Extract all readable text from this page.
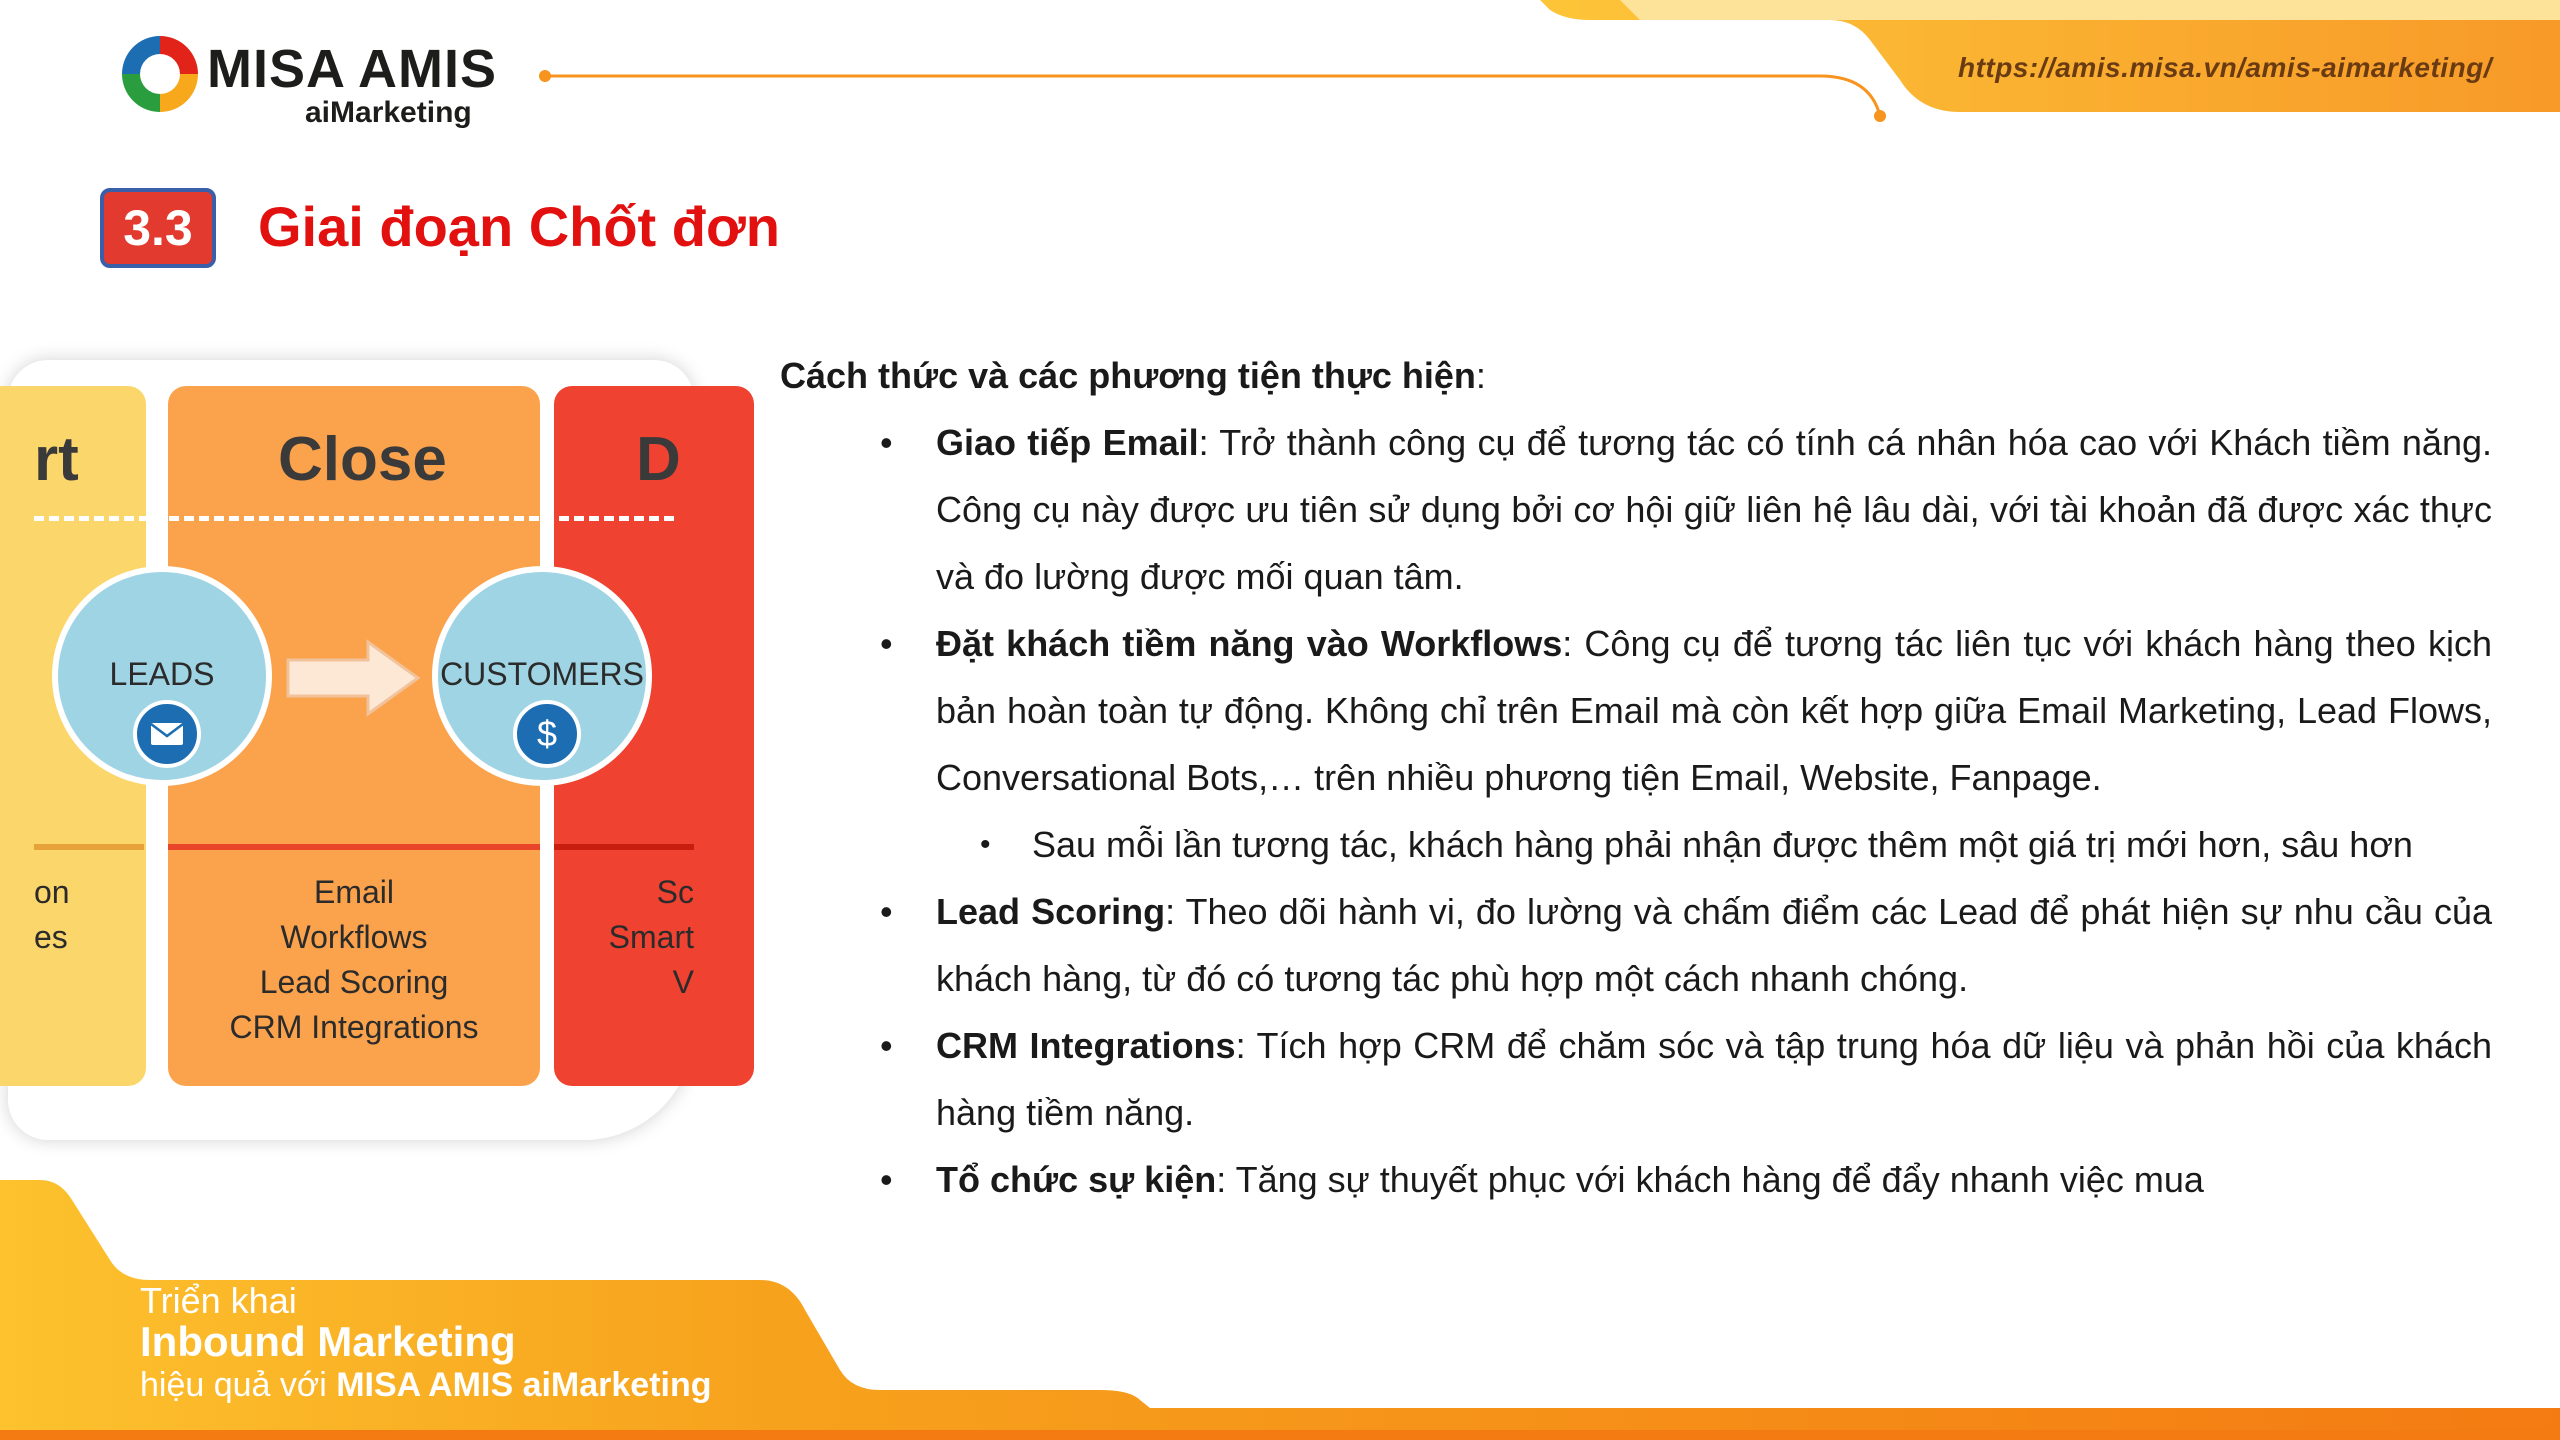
MISA AMIS
aiMarketing
https://amis.misa.vn/amis-aimarketing/
3.3	Giai đoạn Chốt đơn
rt
on
es
Close
Email
Workflows
Lead Scoring
CRM Integrations
D
Sc
Smart
V
LEADS	CUSTOMERS
$
Cách thức và các phương tiện thực hiện:
• Giao tiếp Email: Trở thành công cụ để tương tác có tính cá nhân hóa cao với Khách tiềm năng. Công cụ này được ưu tiên sử dụng bởi cơ hội giữ liên hệ lâu dài, với tài khoản đã được xác thực và đo lường được mối quan tâm.
• Đặt khách tiềm năng vào Workflows: Công cụ để tương tác liên tục với khách hàng theo kịch bản hoàn toàn tự động. Không chỉ trên Email mà còn kết hợp giữa Email Marketing, Lead Flows, Conversational Bots,… trên nhiều phương tiện Email, Website, Fanpage.
• Sau mỗi lần tương tác, khách hàng phải nhận được thêm một giá trị mới hơn, sâu hơn
• Lead Scoring: Theo dõi hành vi, đo lường và chấm điểm các Lead để phát hiện sự nhu cầu của khách hàng, từ đó có tương tác phù hợp một cách nhanh chóng.
• CRM Integrations: Tích hợp CRM để chăm sóc và tập trung hóa dữ liệu và phản hồi của khách hàng tiềm năng.
• Tổ chức sự kiện: Tăng sự thuyết phục với khách hàng để đẩy nhanh việc mua
Triển khai
Inbound Marketing
hiệu quả với MISA AMIS aiMarketing
